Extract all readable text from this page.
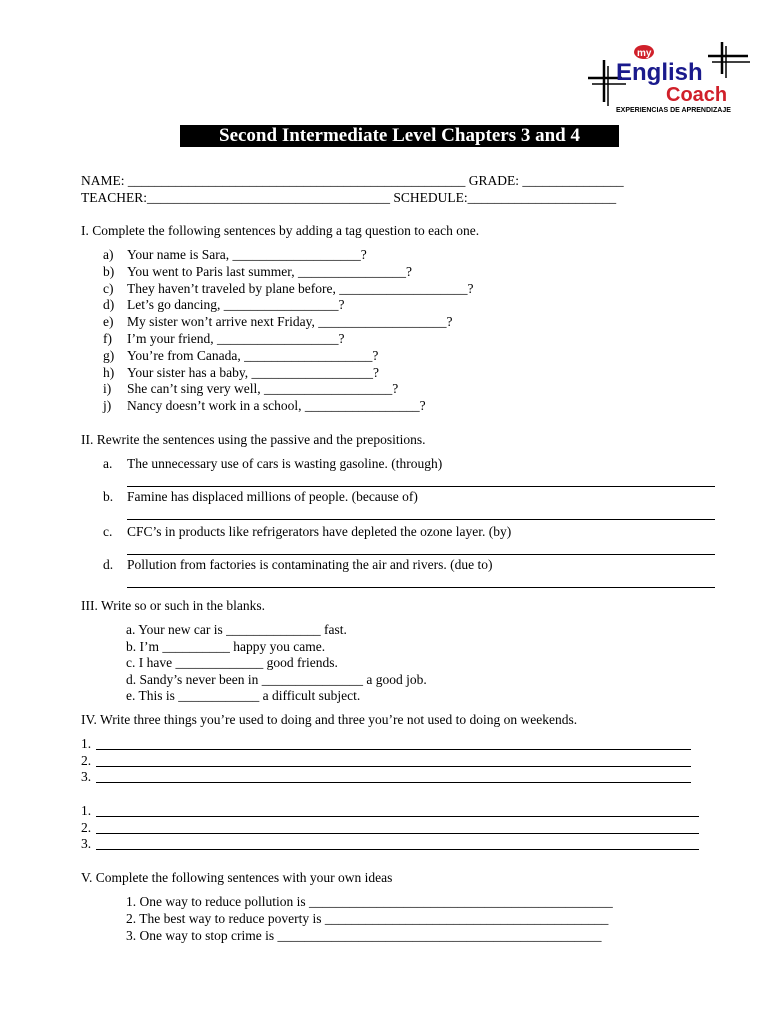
my
English
Coach
EXPERIENCIAS DE APRENDIZAJE
Second Intermediate Level Chapters 3 and 4
NAME: __________________________________________________ GRADE: _______________
TEACHER:____________________________________ SCHEDULE:______________________
I. Complete the following sentences by adding a tag question to each one.
a) Your name is Sara, ___________________?
b) You went to Paris last summer, ________________?
c) They haven’t traveled by plane before, ___________________?
d) Let’s go dancing, _________________?
e) My sister won’t arrive next Friday, ___________________?
f) I’m your friend, __________________?
g) You’re from Canada, ___________________?
h) Your sister has a baby, __________________?
i) She can’t sing very well, ___________________?
j) Nancy doesn’t work in a school, _________________?
II. Rewrite the sentences using the passive and the prepositions.
a. The unnecessary use of cars is wasting gasoline. (through)
b. Famine has displaced millions of people. (because of)
c. CFC’s in products like refrigerators have depleted the ozone layer. (by)
d. Pollution from factories is contaminating the air and rivers. (due to)
III. Write so or such in the blanks.
a. Your new car is ______________ fast.
b. I’m __________ happy you came.
c. I have _____________ good friends.
d. Sandy’s never been in _______________ a good job.
e. This is ____________ a difficult subject.
IV. Write three things you’re used to doing and three you’re not used to doing on weekends.
1.
2.
3.
1.
2.
3.
V. Complete the following sentences with your own ideas
1. One way to reduce pollution is _____________________________________________
2. The best way to reduce poverty is __________________________________________
3. One way to stop crime is ________________________________________________
